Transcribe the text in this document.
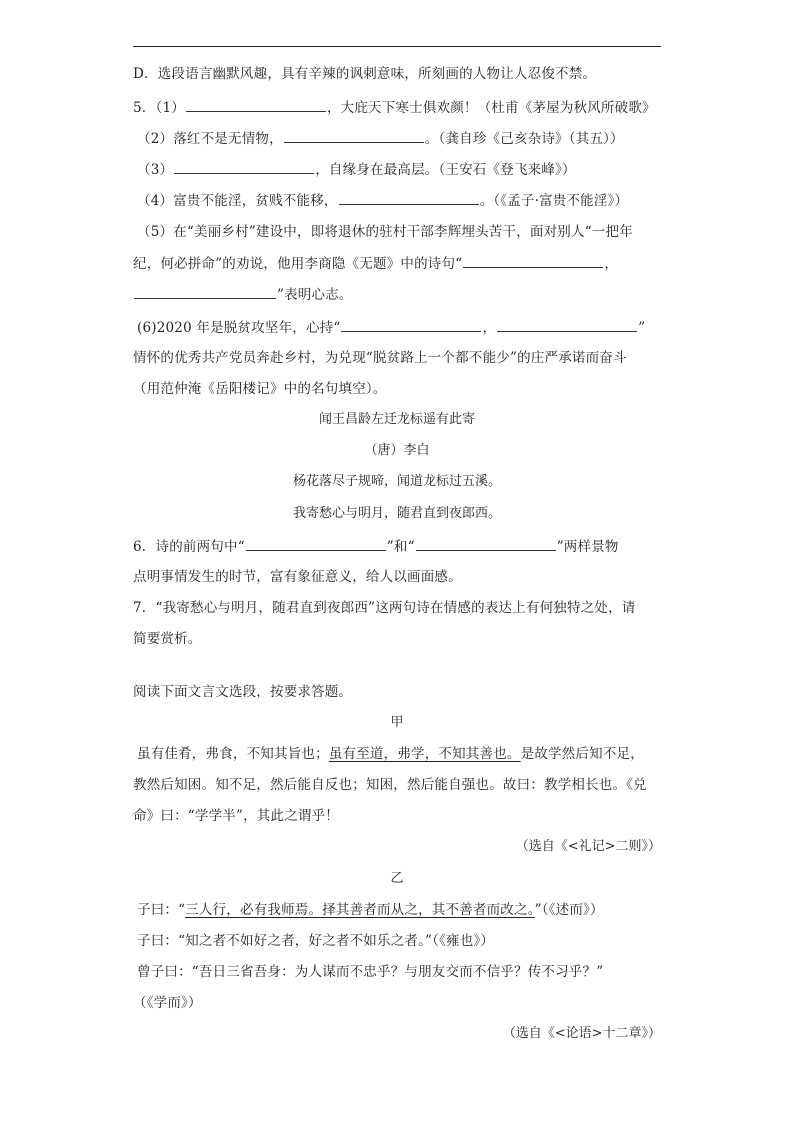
D．选段语言幽默风趣，具有辛辣的讽刺意味，所刻画的人物让人忍俊不禁。
5．（1）	，大庇天下寒士俱欢颜！（杜甫《茅屋为秋风所破歌》
（2）落红不是无情物，	。（龚自珍《己亥杂诗》（其五））
（3）	，自缘身在最高层。（王安石《登飞来峰》）
（4）富贵不能淫，贫贱不能移，	。（《孟子·富贵不能淫》）
（5）在“美丽乡村”建设中，即将退休的驻村干部李辉埋头苦干，面对别人“一把年
纪，何必拼命”的劝说，他用李商隐《无题》中的诗句“	，
”表明心志。
(6)2020 年是脱贫攻坚年，心持“	，	”
情怀的优秀共产党员奔赴乡村，为兑现“脱贫路上一个都不能少”的庄严承诺而奋斗
（用范仲淹《岳阳楼记》中的名句填空）。
闻王昌龄左迁龙标遥有此寄
（唐）李白
杨花落尽子规啼，闻道龙标过五溪。
我寄愁心与明月，随君直到夜郎西。
6．诗的前两句中“	”和“	”两样景物
点明事情发生的时节，富有象征意义，给人以画面感。
7．“我寄愁心与明月，随君直到夜郎西”这两句诗在情感的表达上有何独特之处，请
简要赏析。
阅读下面文言文选段，按要求答题。
甲
虽有佳肴，弗食，不知其旨也；虽有至道，弗学，不知其善也。是故学然后知不足，
教然后知困。知不足，然后能自反也；知困，然后能自强也。故曰：教学相长也。《兑
命》曰：“学学半”，其此之谓乎！
（选自《<礼记>二则》）
乙
子曰：“三人行，必有我师焉。择其善者而从之，其不善者而改之。”（《述而》）
子曰：“知之者不如好之者，好之者不如乐之者。”（《雍也》）
曾子曰：“吾日三省吾身：为人谋而不忠乎？与朋友交而不信乎？传不习乎？”
（《学而》）
（选自《<论语>十二章》）
